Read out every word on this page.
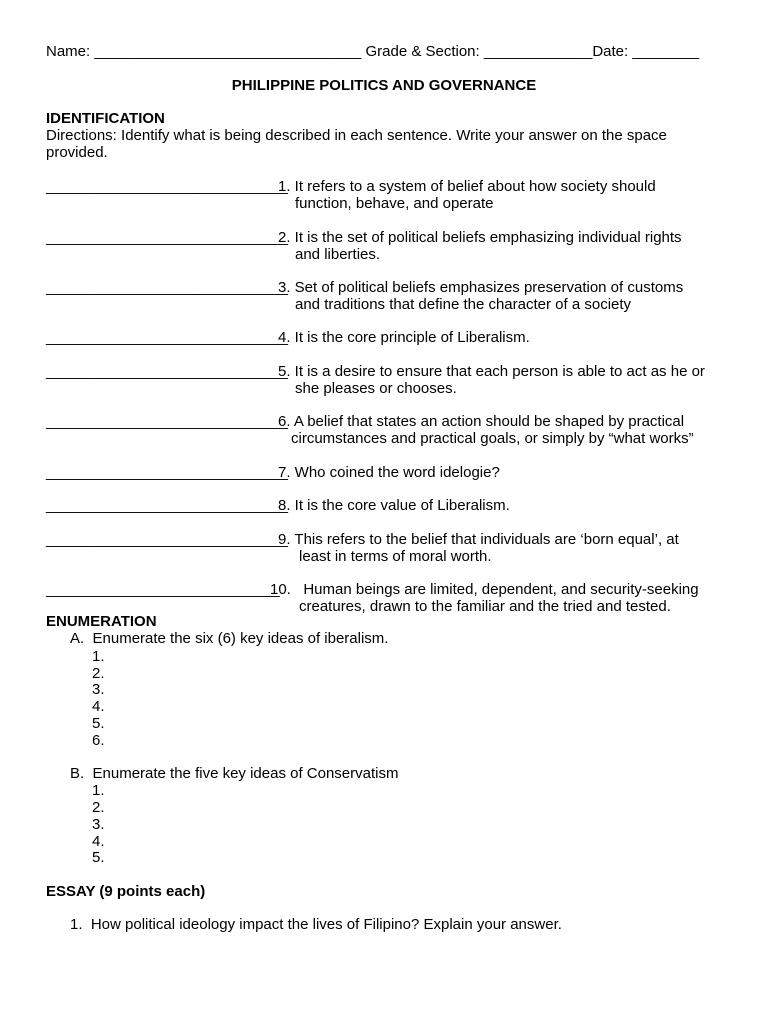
Name: ________________________________ Grade & Section: _____________Date: ________
PHILIPPINE POLITICS AND GOVERNANCE
IDENTIFICATION
Directions: Identify what is being described in each sentence. Write your answer on the space provided.
_____________________________
1. It refers to a system of belief about how society should
function, behave, and operate
_____________________________
2. It is the set of political beliefs emphasizing individual rights
and liberties.
_____________________________
3. Set of political beliefs emphasizes preservation of customs
and traditions that define the character of a society
_____________________________
4. It is the core principle of Liberalism.
_____________________________
5. It is a desire to ensure that each person is able to act as he or
she pleases or chooses.
_____________________________
6. A belief that states an action should be shaped by practical
circumstances and practical goals, or simply by “what works”
_____________________________
7. Who coined the word idelogie?
_____________________________
8. It is the core value of Liberalism.
_____________________________
9. This refers to the belief that individuals are ‘born equal’, at
least in terms of moral worth.
____________________________
10.   Human beings are limited, dependent, and security-seeking
creatures, drawn to the familiar and the tried and tested.
ENUMERATION
A.  Enumerate the six (6) key ideas of iberalism.
1.
2.
3.
4.
5.
6.
B.  Enumerate the five key ideas of Conservatism
1.
2.
3.
4.
5.
ESSAY (9 points each)
1.  How political ideology impact the lives of Filipino? Explain your answer.
